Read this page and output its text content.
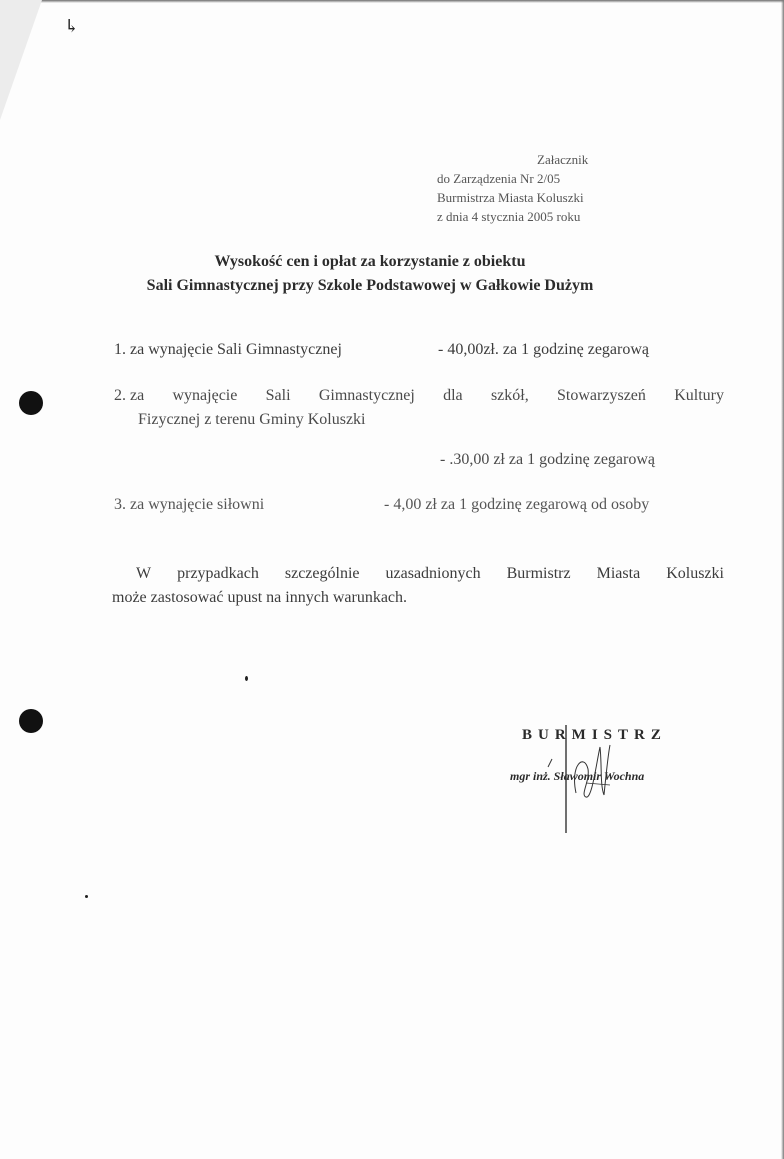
↳
Załacznik
do Zarządzenia Nr 2/05
Burmistrza Miasta Koluszki
z dnia 4 stycznia 2005 roku
Wysokość cen i opłat za korzystanie z obiektu
Sali Gimnastycznej przy Szkole Podstawowej w Gałkowie Dużym
1. za wynajęcie Sali Gimnastycznej	- 40,00zł. za 1 godzinę zegarową
2. za wynajęcie Sali Gimnastycznej dla szkół, Stowarzyszeń Kultury
Fizycznej z terenu Gminy Koluszki
- .30,00 zł za 1 godzinę zegarową
3. za wynajęcie siłowni	- 4,00 zł za 1 godzinę zegarową od osoby
W przypadkach szczególnie uzasadnionych Burmistrz Miasta Koluszki
może zastosować upust na innych warunkach.
BURMISTRZ
mgr inż. Sławomir Wochna
